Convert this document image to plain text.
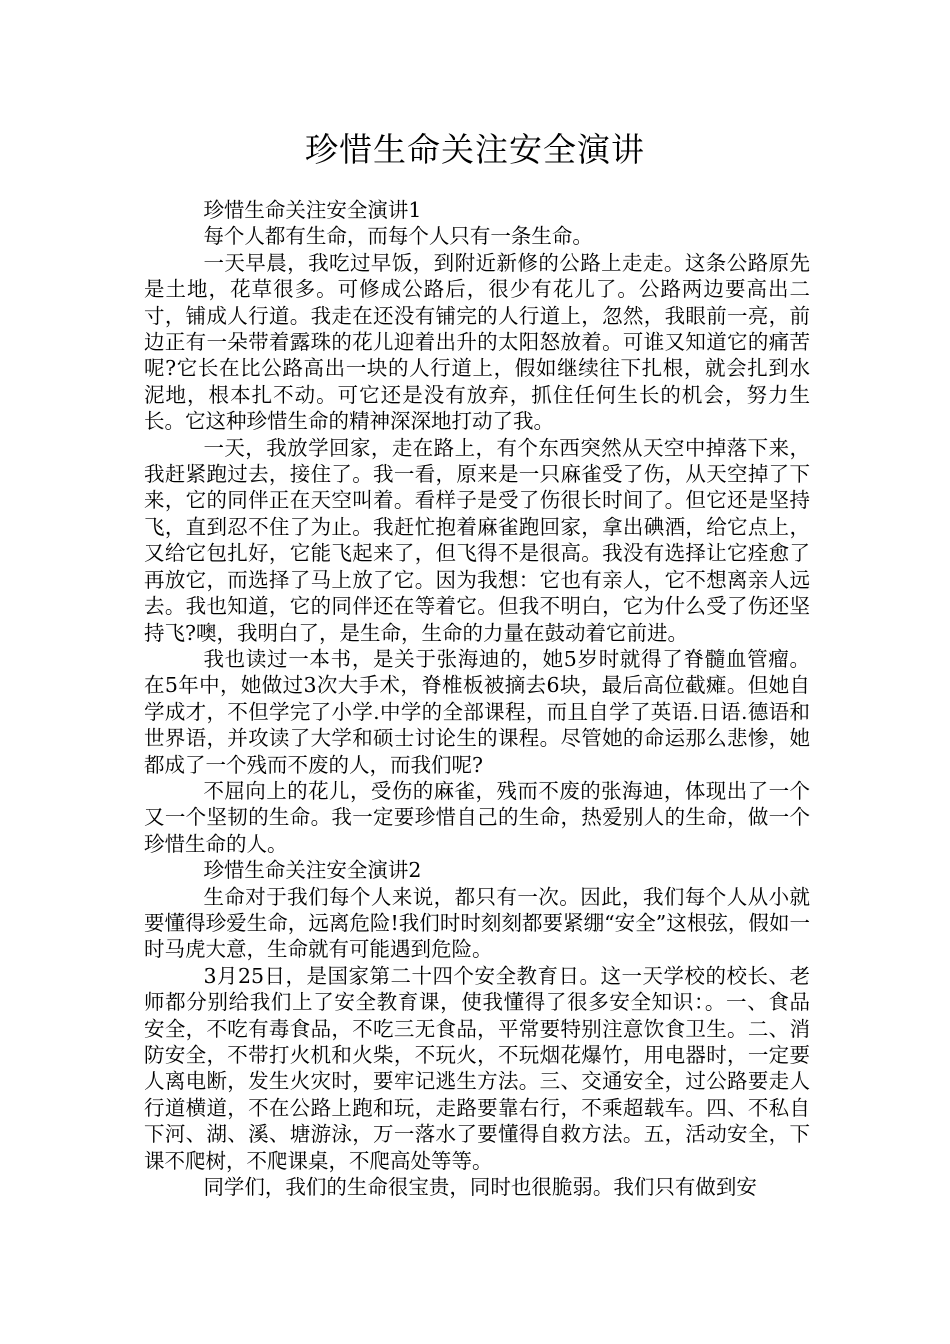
珍惜生命关注安全演讲

珍惜生命关注安全演讲1

每个人都有生命，而每个人只有一条生命。

一天早晨，我吃过早饭，到附近新修的公路上走走。这条公路原先是土地，花草很多。可修成公路后，很少有花儿了。公路两边要高出二寸，铺成人行道。我走在还没有铺完的人行道上，忽然，我眼前一亮，前边正有一朵带着露珠的花儿迎着出升的太阳怒放着。可谁又知道它的痛苦呢?它长在比公路高出一块的人行道上，假如继续往下扎根，就会扎到水泥地，根本扎不动。可它还是没有放弃，抓住任何生长的机会，努力生长。它这种珍惜生命的精神深深地打动了我。

一天，我放学回家，走在路上，有个东西突然从天空中掉落下来，我赶紧跑过去，接住了。我一看，原来是一只麻雀受了伤，从天空掉了下来，它的同伴正在天空叫着。看样子是受了伤很长时间了。但它还是坚持飞，直到忍不住了为止。我赶忙抱着麻雀跑回家，拿出碘酒，给它点上，又给它包扎好，它能飞起来了，但飞得不是很高。我没有选择让它痊愈了再放它，而选择了马上放了它。因为我想：它也有亲人，它不想离亲人远去。我也知道，它的同伴还在等着它。但我不明白，它为什么受了伤还坚持飞?噢，我明白了，是生命，生命的力量在鼓动着它前进。

我也读过一本书，是关于张海迪的，她5岁时就得了脊髓血管瘤。在5年中，她做过3次大手术，脊椎板被摘去6块，最后高位截瘫。但她自学成才，不但学完了小学.中学的全部课程，而且自学了英语.日语.德语和世界语，并攻读了大学和硕士讨论生的课程。尽管她的命运那么悲惨，她都成了一个残而不废的人，而我们呢?

不屈向上的花儿，受伤的麻雀，残而不废的张海迪，体现出了一个又一个坚韧的生命。我一定要珍惜自己的生命，热爱别人的生命，做一个珍惜生命的人。

珍惜生命关注安全演讲2

生命对于我们每个人来说，都只有一次。因此，我们每个人从小就要懂得珍爱生命，远离危险!我们时时刻刻都要紧绷“安全”这根弦，假如一时马虎大意，生命就有可能遇到危险。

3月25日，是国家第二十四个安全教育日。这一天学校的校长、老师都分别给我们上了安全教育课，使我懂得了很多安全知识：。一、食品安全，不吃有毒食品，不吃三无食品，平常要特别注意饮食卫生。二、消防安全，不带打火机和火柴，不玩火，不玩烟花爆竹，用电器时，一定要人离电断，发生火灾时，要牢记逃生方法。三、交通安全，过公路要走人行道横道，不在公路上跑和玩，走路要靠右行，不乘超载车。四、不私自下河、湖、溪、塘游泳，万一落水了要懂得自救方法。五，活动安全，下课不爬树，不爬课桌，不爬高处等等。

同学们，我们的生命很宝贵，同时也很脆弱。我们只有做到安
